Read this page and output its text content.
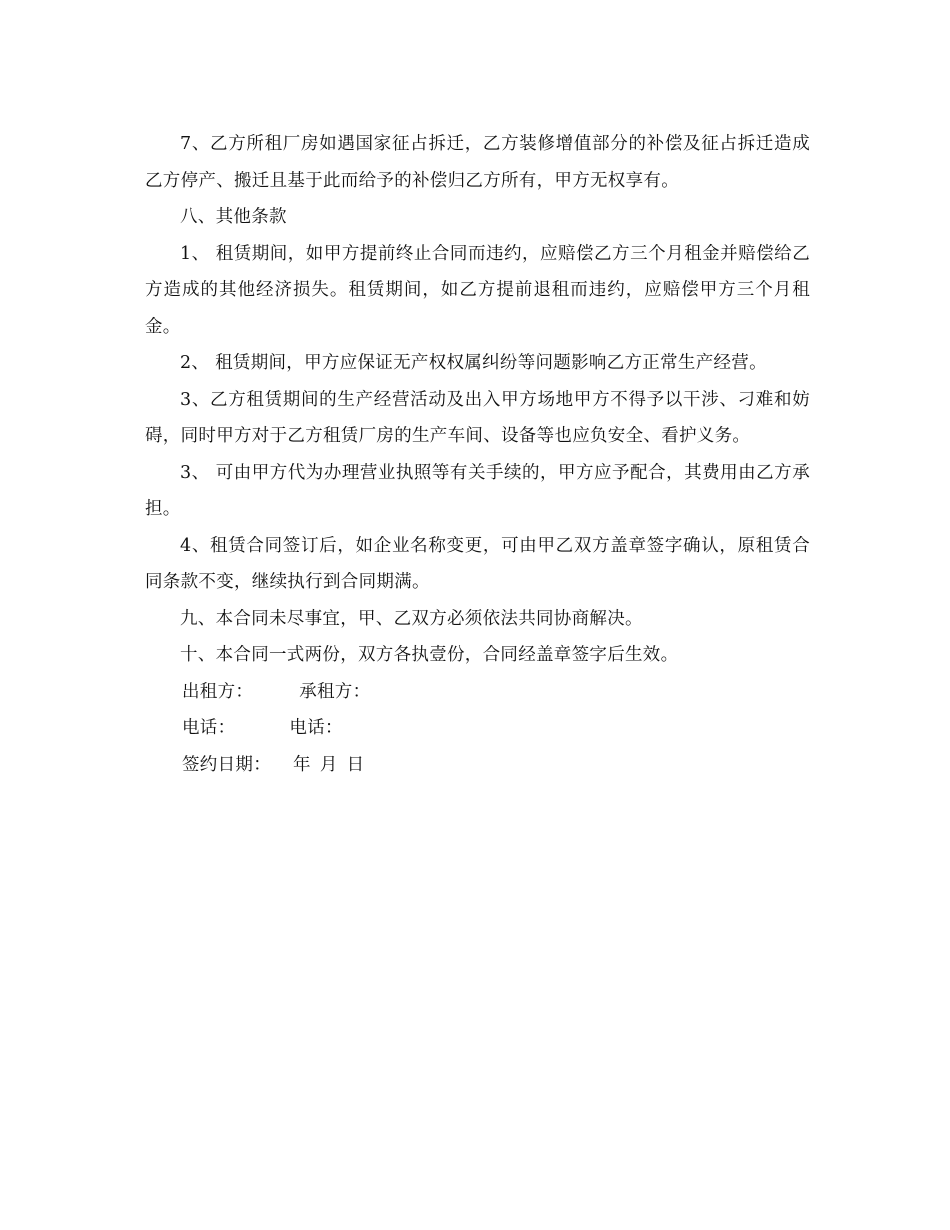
7、乙方所租厂房如遇国家征占拆迁，乙方装修增值部分的补偿及征占拆迁造成乙方停产、搬迁且基于此而给予的补偿归乙方所有，甲方无权享有。

八、其他条款

1、 租赁期间，如甲方提前终止合同而违约，应赔偿乙方三个月租金并赔偿给乙方造成的其他经济损失。租赁期间，如乙方提前退租而违约，应赔偿甲方三个月租金。

2、 租赁期间，甲方应保证无产权权属纠纷等问题影响乙方正常生产经营。

3、乙方租赁期间的生产经营活动及出入甲方场地甲方不得予以干涉、刁难和妨碍，同时甲方对于乙方租赁厂房的生产车间、设备等也应负安全、看护义务。

3、 可由甲方代为办理营业执照等有关手续的，甲方应予配合，其费用由乙方承担。

4、租赁合同签订后，如企业名称变更，可由甲乙双方盖章签字确认，原租赁合同条款不变，继续执行到合同期满。

九、本合同未尽事宜，甲、乙双方必须依法共同协商解决。

十、本合同一式两份，双方各执壹份，合同经盖章签字后生效。

出租方：	承租方：

电话：	电话：

签约日期： 年 月 日
